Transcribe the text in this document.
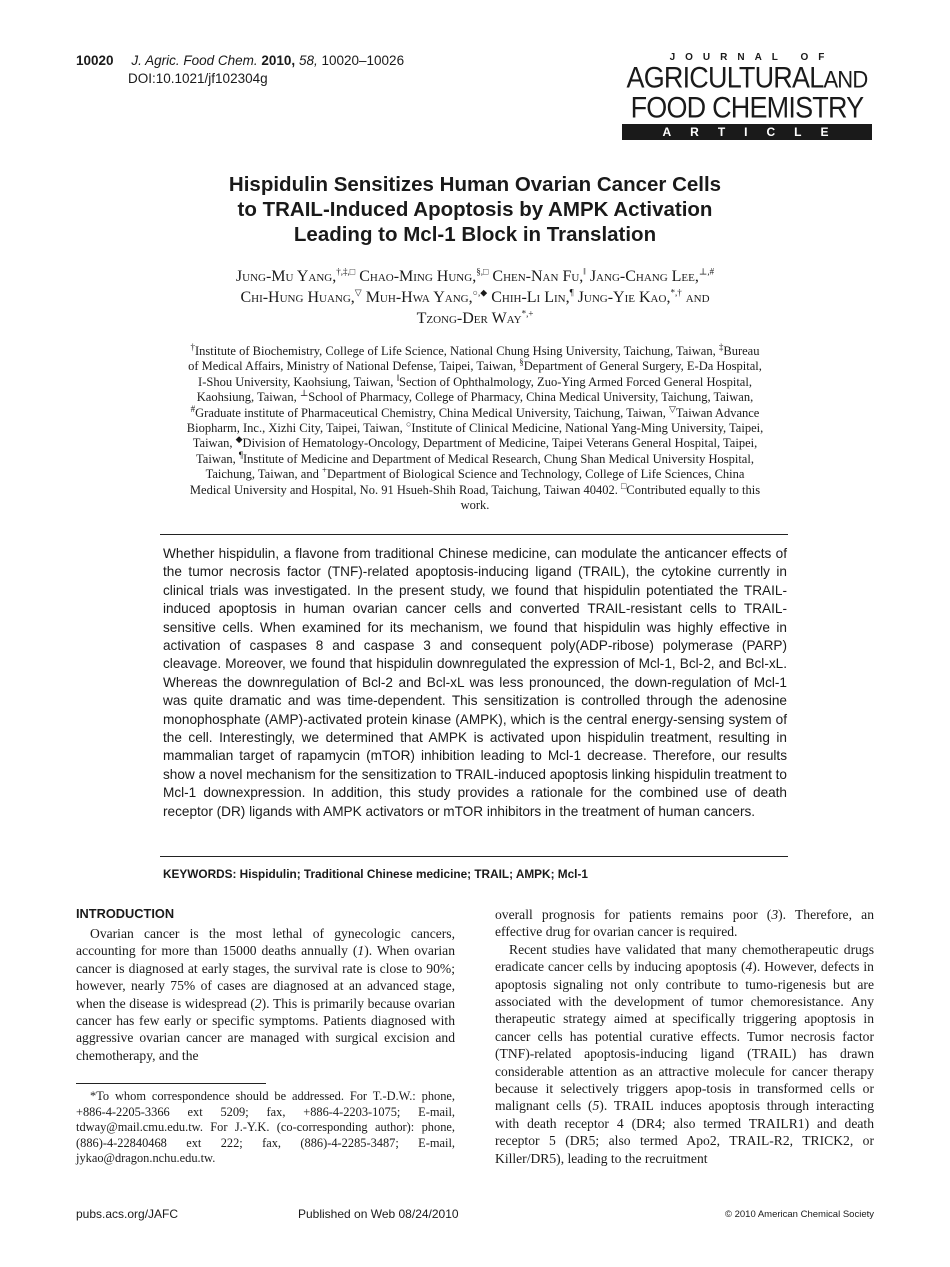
10020 J. Agric. Food Chem. 2010, 58, 10020–10026
DOI:10.1021/jf102304g
JOURNAL OF
AGRICULTURALAND
FOOD CHEMISTRY
ARTICLE
Hispidulin Sensitizes Human Ovarian Cancer Cells
to TRAIL-Induced Apoptosis by AMPK Activation
Leading to Mcl-1 Block in Translation
Jung-Mu Yang,†,‡,□ Chao-Ming Hung,§,□ Chen-Nan Fu,‖ Jang-Chang Lee,⊥,#
Chi-Hung Huang,▽ Muh-Hwa Yang,○,◆ Chih-Li Lin,¶ Jung-Yie Kao,*,† and
Tzong-Der Way*,+
†Institute of Biochemistry, College of Life Science, National Chung Hsing University, Taichung, Taiwan, ‡Bureau of Medical Affairs, Ministry of National Defense, Taipei, Taiwan, §Department of General Surgery, E-Da Hospital, I-Shou University, Kaohsiung, Taiwan, ‖Section of Ophthalmology, Zuo-Ying Armed Forced General Hospital, Kaohsiung, Taiwan, ⊥School of Pharmacy, College of Pharmacy, China Medical University, Taichung, Taiwan, #Graduate institute of Pharmaceutical Chemistry, China Medical University, Taichung, Taiwan, ▽Taiwan Advance Biopharm, Inc., Xizhi City, Taipei, Taiwan, ○Institute of Clinical Medicine, National Yang-Ming University, Taipei, Taiwan, ◆Division of Hematology-Oncology, Department of Medicine, Taipei Veterans General Hospital, Taipei, Taiwan, ¶Institute of Medicine and Department of Medical Research, Chung Shan Medical University Hospital, Taichung, Taiwan, and +Department of Biological Science and Technology, College of Life Sciences, China Medical University and Hospital, No. 91 Hsueh-Shih Road, Taichung, Taiwan 40402. □Contributed equally to this work.
Whether hispidulin, a flavone from traditional Chinese medicine, can modulate the anticancer effects of the tumor necrosis factor (TNF)-related apoptosis-inducing ligand (TRAIL), the cytokine currently in clinical trials was investigated. In the present study, we found that hispidulin potentiated the TRAIL-induced apoptosis in human ovarian cancer cells and converted TRAIL-resistant cells to TRAIL-sensitive cells. When examined for its mechanism, we found that hispidulin was highly effective in activation of caspases 8 and caspase 3 and consequent poly(ADP-ribose) polymerase (PARP) cleavage. Moreover, we found that hispidulin downregulated the expression of Mcl-1, Bcl-2, and Bcl-xL. Whereas the downregulation of Bcl-2 and Bcl-xL was less pronounced, the down-regulation of Mcl-1 was quite dramatic and was time-dependent. This sensitization is controlled through the adenosine monophosphate (AMP)-activated protein kinase (AMPK), which is the central energy-sensing system of the cell. Interestingly, we determined that AMPK is activated upon hispidulin treatment, resulting in mammalian target of rapamycin (mTOR) inhibition leading to Mcl-1 decrease. Therefore, our results show a novel mechanism for the sensitization to TRAIL-induced apoptosis linking hispidulin treatment to Mcl-1 downexpression. In addition, this study provides a rationale for the combined use of death receptor (DR) ligands with AMPK activators or mTOR inhibitors in the treatment of human cancers.
KEYWORDS: Hispidulin; Traditional Chinese medicine; TRAIL; AMPK; Mcl-1
INTRODUCTION

Ovarian cancer is the most lethal of gynecologic cancers, accounting for more than 15000 deaths annually (1). When ovarian cancer is diagnosed at early stages, the survival rate is close to 90%; however, nearly 75% of cases are diagnosed at an advanced stage, when the disease is widespread (2). This is primarily because ovarian cancer has few early or specific symptoms. Patients diagnosed with aggressive ovarian cancer are managed with surgical excision and chemotherapy, and the

*To whom correspondence should be addressed. For T.-D.W.: phone, +886-4-2205-3366 ext 5209; fax, +886-4-2203-1075; E-mail, tdway@mail.cmu.edu.tw. For J.-Y.K. (co-corresponding author): phone, (886)-4-22840468 ext 222; fax, (886)-4-2285-3487; E-mail, jykao@dragon.nchu.edu.tw.

overall prognosis for patients remains poor (3). Therefore, an effective drug for ovarian cancer is required.

Recent studies have validated that many chemotherapeutic drugs eradicate cancer cells by inducing apoptosis (4). However, defects in apoptosis signaling not only contribute to tumo-rigenesis but are associated with the development of tumor chemoresistance. Any therapeutic strategy aimed at specifically triggering apoptosis in cancer cells has potential curative effects. Tumor necrosis factor (TNF)-related apoptosis-inducing ligand (TRAIL) has drawn considerable attention as an attractive molecule for cancer therapy because it selectively triggers apop-tosis in transformed cells or malignant cells (5). TRAIL induces apoptosis through interacting with death receptor 4 (DR4; also termed TRAILR1) and death receptor 5 (DR5; also termed Apo2, TRAIL-R2, TRICK2, or Killer/DR5), leading to the recruitment

pubs.acs.org/JAFC	Published on Web 08/24/2010	© 2010 American Chemical Society
